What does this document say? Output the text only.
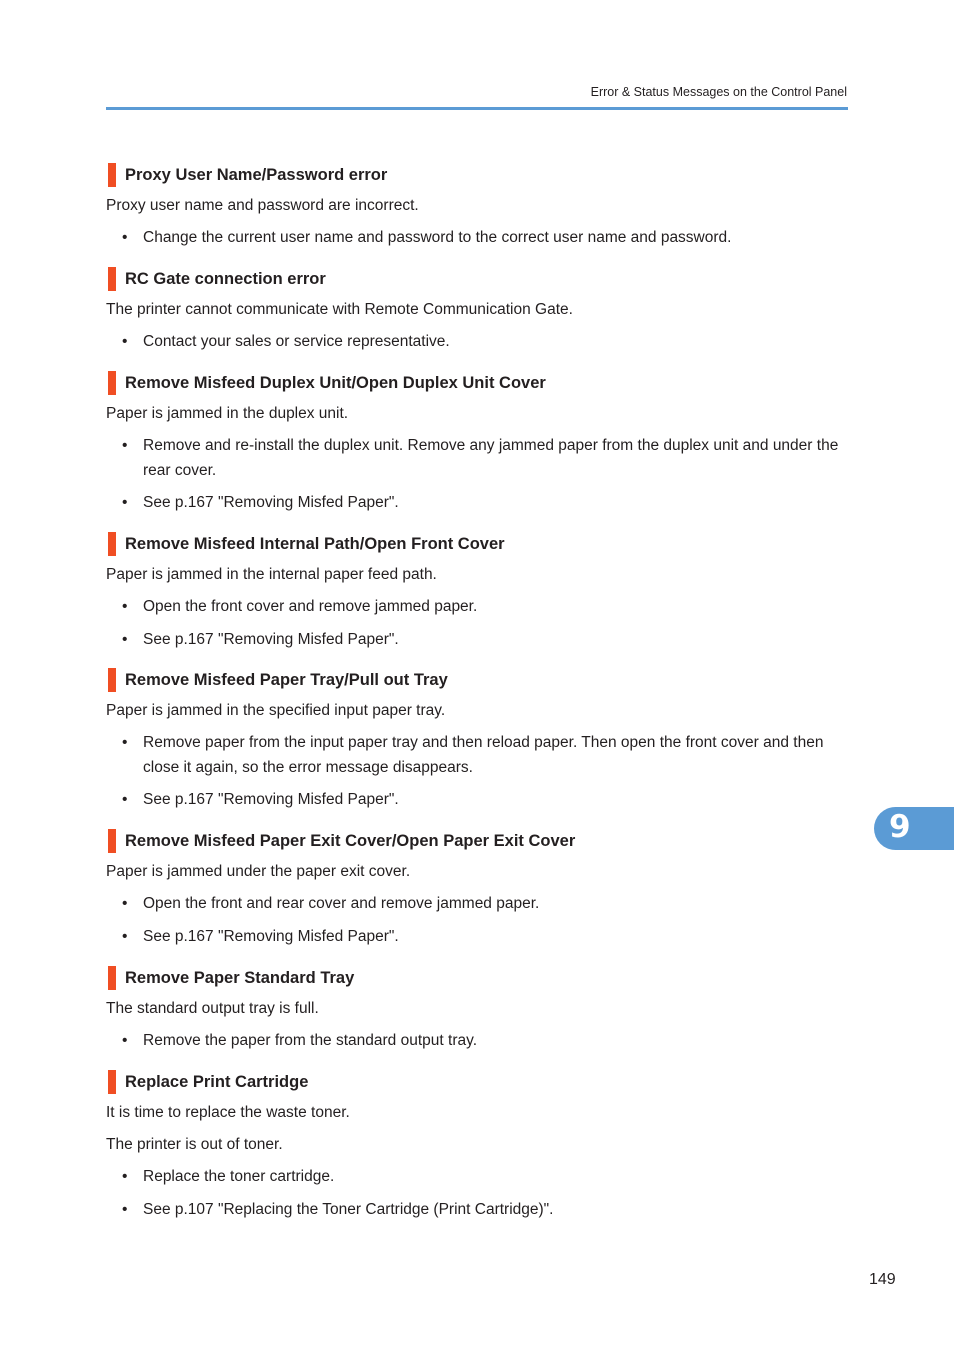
Error & Status Messages on the Control Panel
Proxy User Name/Password error

Proxy user name and password are incorrect.

• Change the current user name and password to the correct user name and password.
RC Gate connection error

The printer cannot communicate with Remote Communication Gate.

• Contact your sales or service representative.
Remove Misfeed Duplex Unit/Open Duplex Unit Cover

Paper is jammed in the duplex unit.

• Remove and re-install the duplex unit. Remove any jammed paper from the duplex unit and under the rear cover.
• See p.167 "Removing Misfed Paper".
Remove Misfeed Internal Path/Open Front Cover

Paper is jammed in the internal paper feed path.

• Open the front cover and remove jammed paper.
• See p.167 "Removing Misfed Paper".
Remove Misfeed Paper Tray/Pull out Tray

Paper is jammed in the specified input paper tray.

• Remove paper from the input paper tray and then reload paper. Then open the front cover and then close it again, so the error message disappears.
• See p.167 "Removing Misfed Paper".
Remove Misfeed Paper Exit Cover/Open Paper Exit Cover

Paper is jammed under the paper exit cover.

• Open the front and rear cover and remove jammed paper.
• See p.167 "Removing Misfed Paper".
Remove Paper Standard Tray

The standard output tray is full.

• Remove the paper from the standard output tray.
Replace Print Cartridge

It is time to replace the waste toner.

The printer is out of toner.

• Replace the toner cartridge.
• See p.107 "Replacing the Toner Cartridge (Print Cartridge)".
9
149
